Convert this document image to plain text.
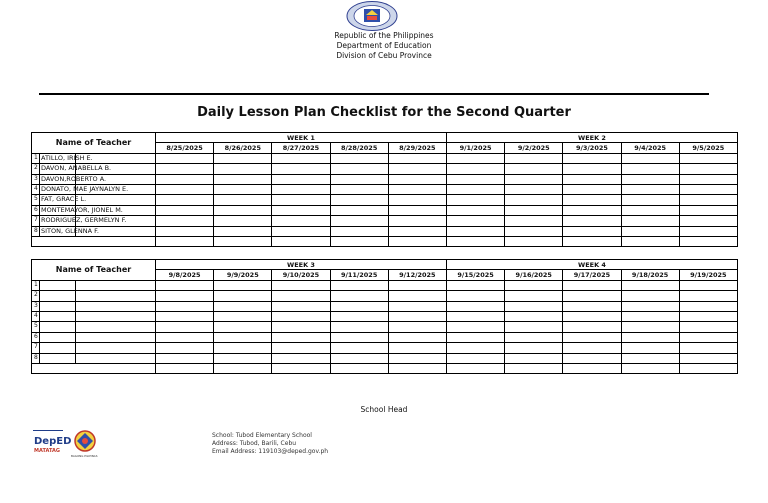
Republic of the Philippines
Department of Education
Division of Cebu Province
Daily Lesson Plan Checklist for the Second Quarter
Name of Teacher	WEEK 1					WEEK 2				
	8/25/2025	8/26/2025	8/27/2025	8/28/2025	8/29/2025	9/1/2025	9/2/2025	9/3/2025	9/4/2025	9/5/2025

1 ATILLO, IRISH E.										

2 DAVON, ANABELLA B.										

3 DAVON,ROBERTO A.										

4 DONATO, MAE JAYNALYN E.										

5 FAT, GRACE L.										

6 MONTEMAYOR, JIONEL M.										

7 RODRIGUEZ, GERMELYN F.										

8 SITON, GLENNA F.										

Name of Teacher	WEEK 3					WEEK 4				
	9/8/2025	9/9/2025	9/10/2025	9/11/2025	9/12/2025	9/15/2025	9/16/2025	9/17/2025	9/18/2025	9/19/2025

1										

2										

3										

4										

5										

6										

7										

8										

School Head
DepED
MATATAG
BAGONG PILIPINAS
School: Tubod Elementary School
Address: Tubod, Barili, Cebu
Email Address: 119103@deped.gov.ph
